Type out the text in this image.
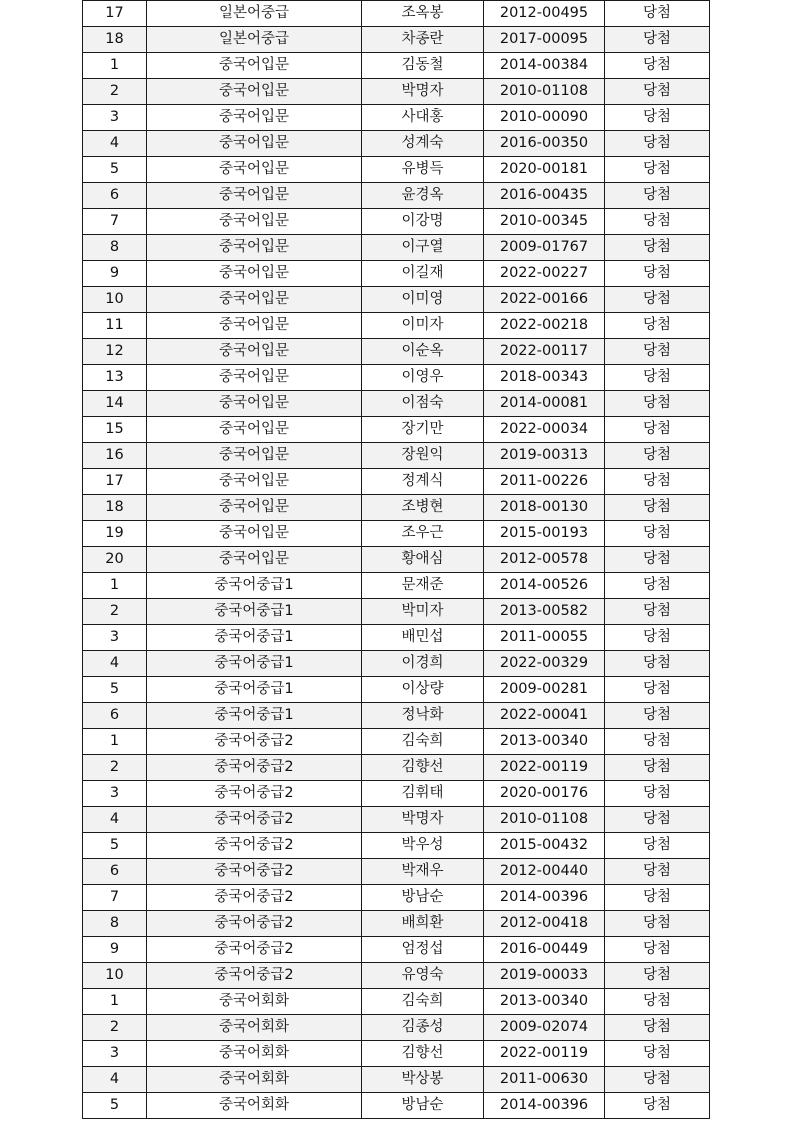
17	일본어중급	조옥봉	2012-00495	당첨
18	일본어중급	차종란	2017-00095	당첨
1	중국어입문	김동철	2014-00384	당첨
2	중국어입문	박명자	2010-01108	당첨
3	중국어입문	사대홍	2010-00090	당첨
4	중국어입문	성계숙	2016-00350	당첨
5	중국어입문	유병득	2020-00181	당첨
6	중국어입문	윤경옥	2016-00435	당첨
7	중국어입문	이강명	2010-00345	당첨
8	중국어입문	이구열	2009-01767	당첨
9	중국어입문	이길재	2022-00227	당첨
10	중국어입문	이미영	2022-00166	당첨
11	중국어입문	이미자	2022-00218	당첨
12	중국어입문	이순옥	2022-00117	당첨
13	중국어입문	이영우	2018-00343	당첨
14	중국어입문	이점숙	2014-00081	당첨
15	중국어입문	장기만	2022-00034	당첨
16	중국어입문	장원익	2019-00313	당첨
17	중국어입문	정계식	2011-00226	당첨
18	중국어입문	조병현	2018-00130	당첨
19	중국어입문	조우근	2015-00193	당첨
20	중국어입문	황애심	2012-00578	당첨
1	중국어중급1	문재준	2014-00526	당첨
2	중국어중급1	박미자	2013-00582	당첨
3	중국어중급1	배민섭	2011-00055	당첨
4	중국어중급1	이경희	2022-00329	당첨
5	중국어중급1	이상량	2009-00281	당첨
6	중국어중급1	정낙화	2022-00041	당첨
1	중국어중급2	김숙희	2013-00340	당첨
2	중국어중급2	김향선	2022-00119	당첨
3	중국어중급2	김휘태	2020-00176	당첨
4	중국어중급2	박명자	2010-01108	당첨
5	중국어중급2	박우성	2015-00432	당첨
6	중국어중급2	박재우	2012-00440	당첨
7	중국어중급2	방남순	2014-00396	당첨
8	중국어중급2	배희환	2012-00418	당첨
9	중국어중급2	엄정섭	2016-00449	당첨
10	중국어중급2	유영숙	2019-00033	당첨
1	중국어회화	김숙희	2013-00340	당첨
2	중국어회화	김종성	2009-02074	당첨
3	중국어회화	김향선	2022-00119	당첨
4	중국어회화	박상봉	2011-00630	당첨
5	중국어회화	방남순	2014-00396	당첨
